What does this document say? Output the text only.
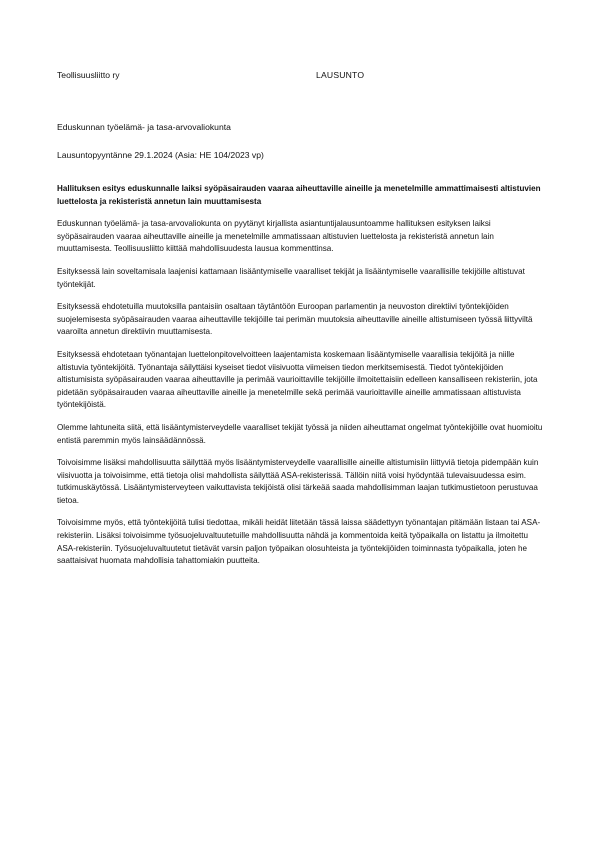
Teollisuusliitto ry	LAUSUNTO
Eduskunnan työelämä- ja tasa-arvovaliokunta
Lausuntopyyntänne 29.1.2024 (Asia: HE 104/2023 vp)

Hallituksen esitys eduskunnalle laiksi syöpäsairauden vaaraa aiheuttaville aineille ja menetelmille ammattimaisesti altistuvien luettelosta ja rekisteristä annetun lain muuttamisesta

Eduskunnan työelämä- ja tasa-arvovaliokunta on pyytänyt kirjallista asiantuntijalausuntoamme hallituksen esityksen laiksi syöpäsairauden vaaraa aiheuttaville aineille ja menetelmille ammatissaan altistuvien luettelosta ja rekisteristä annetun lain muuttamisesta. Teollisuusliitto kiittää mahdollisuudesta lausua kommenttinsa.

Esityksessä lain soveltamisala laajenisi kattamaan lisääntymiselle vaaralliset tekijät ja lisääntymiselle vaarallisille tekijöille altistuvat työntekijät.

Esityksessä ehdotetuilla muutoksilla pantaisiin osaltaan täytäntöön Euroopan parlamentin ja neuvoston direktiivi työntekijöiden suojelemisesta syöpäsairauden vaaraa aiheuttaville tekijöille tai perimän muutoksia aiheuttaville aineille altistumiseen työssä liittyviltä vaaroilta annetun direktiivin muuttamisesta.

Esityksessä ehdotetaan työnantajan luettelonpitovelvoitteen laajentamista koskemaan lisääntymiselle vaarallisia tekijöitä ja niille altistuvia työntekijöitä. Työnantaja säilyttäisi kyseiset tiedot viisivuotta viimeisen tiedon merkitsemisestä. Tiedot työntekijöiden altistumisista syöpäsairauden vaaraa aiheuttaville ja perimää vaurioittaville tekijöille ilmoitettaisiin edelleen kansalliseen rekisteriin, jota pidetään syöpäsairauden vaaraa aiheuttaville aineille ja menetelmille sekä perimää vaurioittaville aineille ammatissaan altistuvista työntekijöistä.

Olemme lahtuneita siitä, että lisääntymisterveydelle vaaralliset tekijät työssä ja niiden aiheuttamat ongelmat työntekijöille ovat huomioitu entistä paremmin myös lainsäädännössä.

Toivoisimme lisäksi mahdollisuutta säilyttää myös lisääntymisterveydelle vaarallisille aineille altistumisiin liittyviä tietoja pidempään kuin viisivuotta ja toivoisimme, että tietoja olisi mahdollista säilyttää ASA-rekisterissä. Tällöin niitä voisi hyödyntää tulevaisuudessa esim. tutkimuskäytössä. Lisääntymisterveyteen vaikuttavista tekijöistä olisi tärkeää saada mahdollisimman laajan tutkimustietoon perustuvaa tietoa.

Toivoisimme myös, että työntekijöitä tulisi tiedottaa, mikäli heidät liitetään tässä laissa säädettyyn työnantajan pitämään listaan tai ASA-rekisteriin. Lisäksi toivoisimme työsuojeluvaltuutetuille mahdollisuutta nähdä ja kommentoida keitä työpaikalla on listattu ja ilmoitettu ASA-rekisteriin. Työsuojeluvaltuutetut tietävät varsin paljon työpaikan olosuhteista ja työntekijöiden toiminnasta työpaikalla, joten he saattaisivat huomata mahdollisia tahattomiakin puutteita.
